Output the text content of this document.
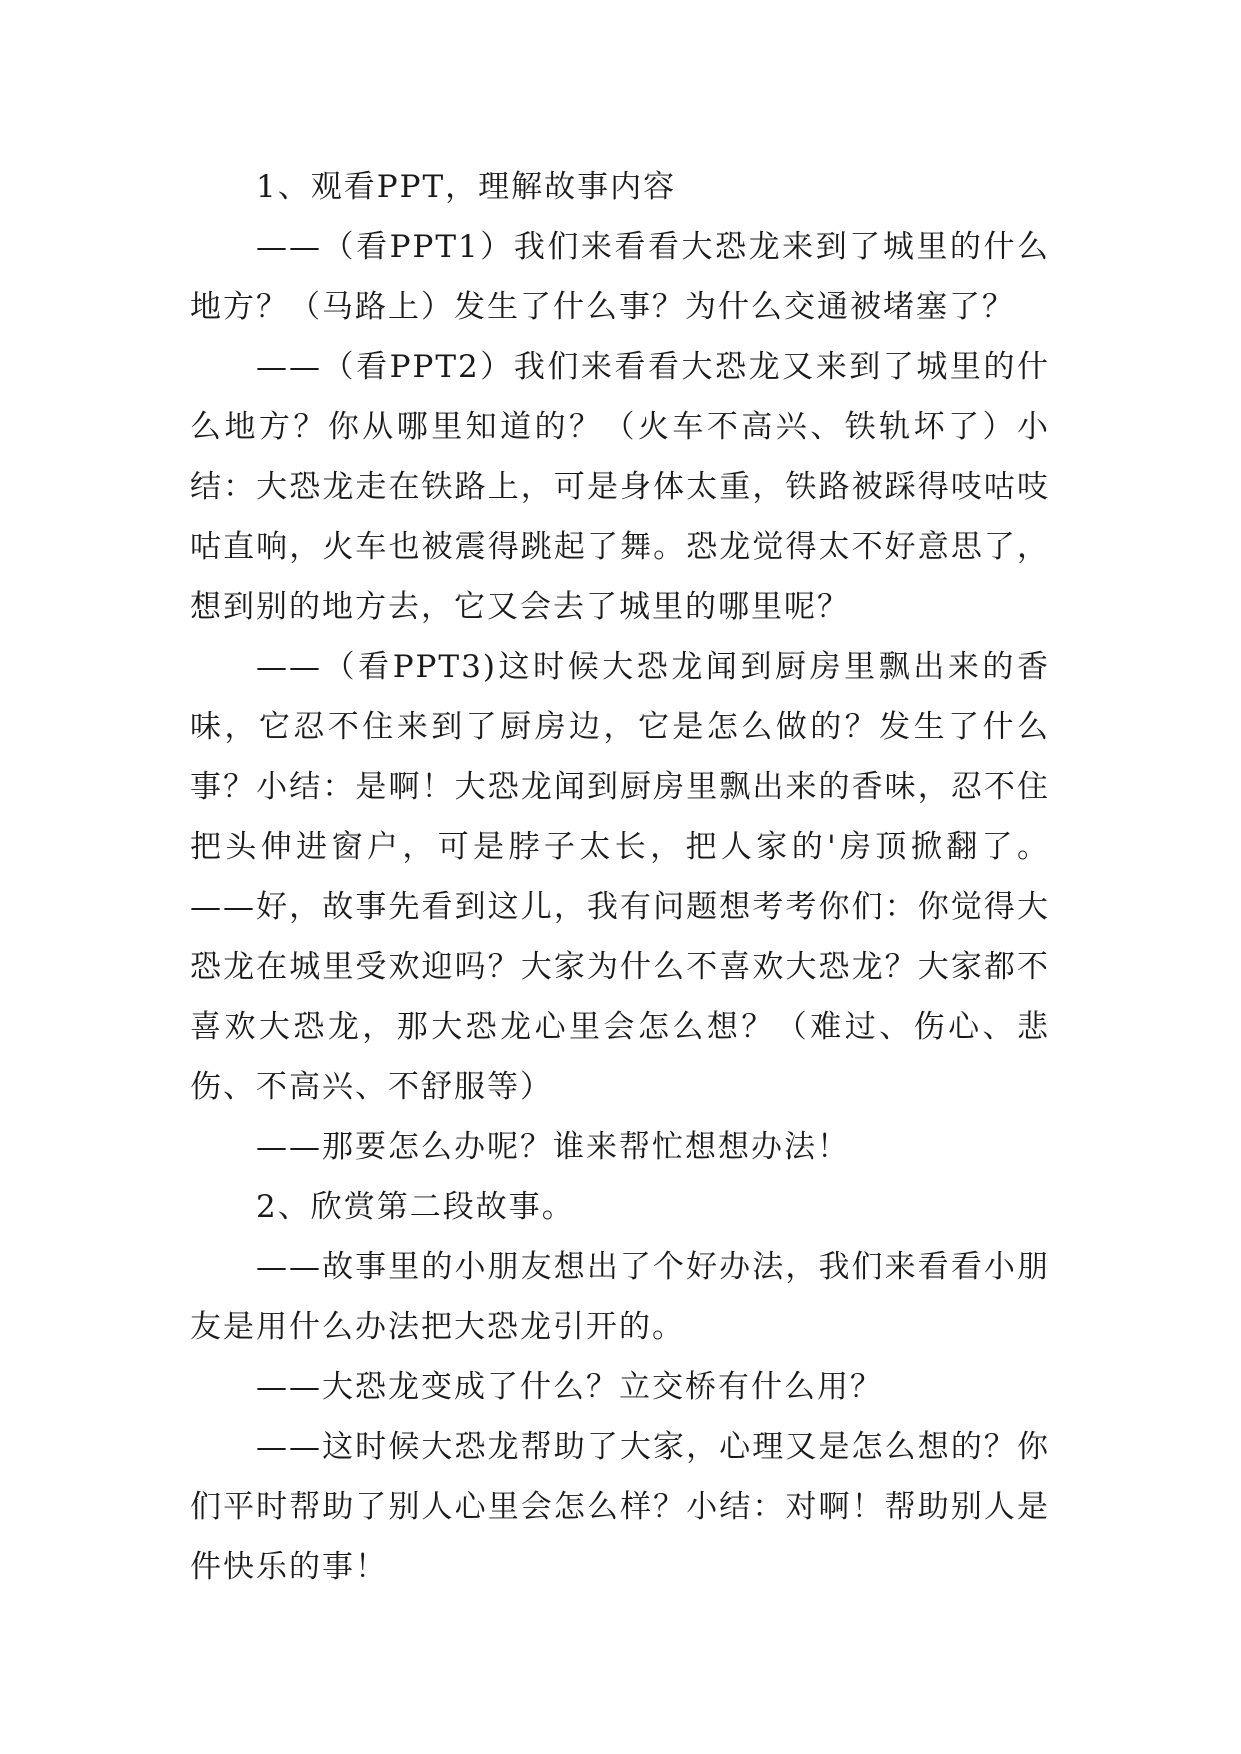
1、观看PPT，理解故事内容

——（看PPT1）我们来看看大恐龙来到了城里的什么地方？（马路上）发生了什么事？为什么交通被堵塞了？

——（看PPT2）我们来看看大恐龙又来到了城里的什么地方？你从哪里知道的？（火车不高兴、铁轨坏了）小结：大恐龙走在铁路上，可是身体太重，铁路被踩得吱咕吱咕直响，火车也被震得跳起了舞。恐龙觉得太不好意思了，想到别的地方去，它又会去了城里的哪里呢？

——（看PPT3)这时候大恐龙闻到厨房里飘出来的香味，它忍不住来到了厨房边，它是怎么做的？发生了什么事？小结：是啊！大恐龙闻到厨房里飘出来的香味，忍不住把头伸进窗户，可是脖子太长，把人家的'房顶掀翻了。——好，故事先看到这儿，我有问题想考考你们：你觉得大恐龙在城里受欢迎吗？大家为什么不喜欢大恐龙？大家都不喜欢大恐龙，那大恐龙心里会怎么想？（难过、伤心、悲伤、不高兴、不舒服等）

——那要怎么办呢？谁来帮忙想想办法！

2、欣赏第二段故事。

——故事里的小朋友想出了个好办法，我们来看看小朋友是用什么办法把大恐龙引开的。

——大恐龙变成了什么？立交桥有什么用？

——这时候大恐龙帮助了大家，心理又是怎么想的？你们平时帮助了别人心里会怎么样？小结：对啊！帮助别人是件快乐的事！
